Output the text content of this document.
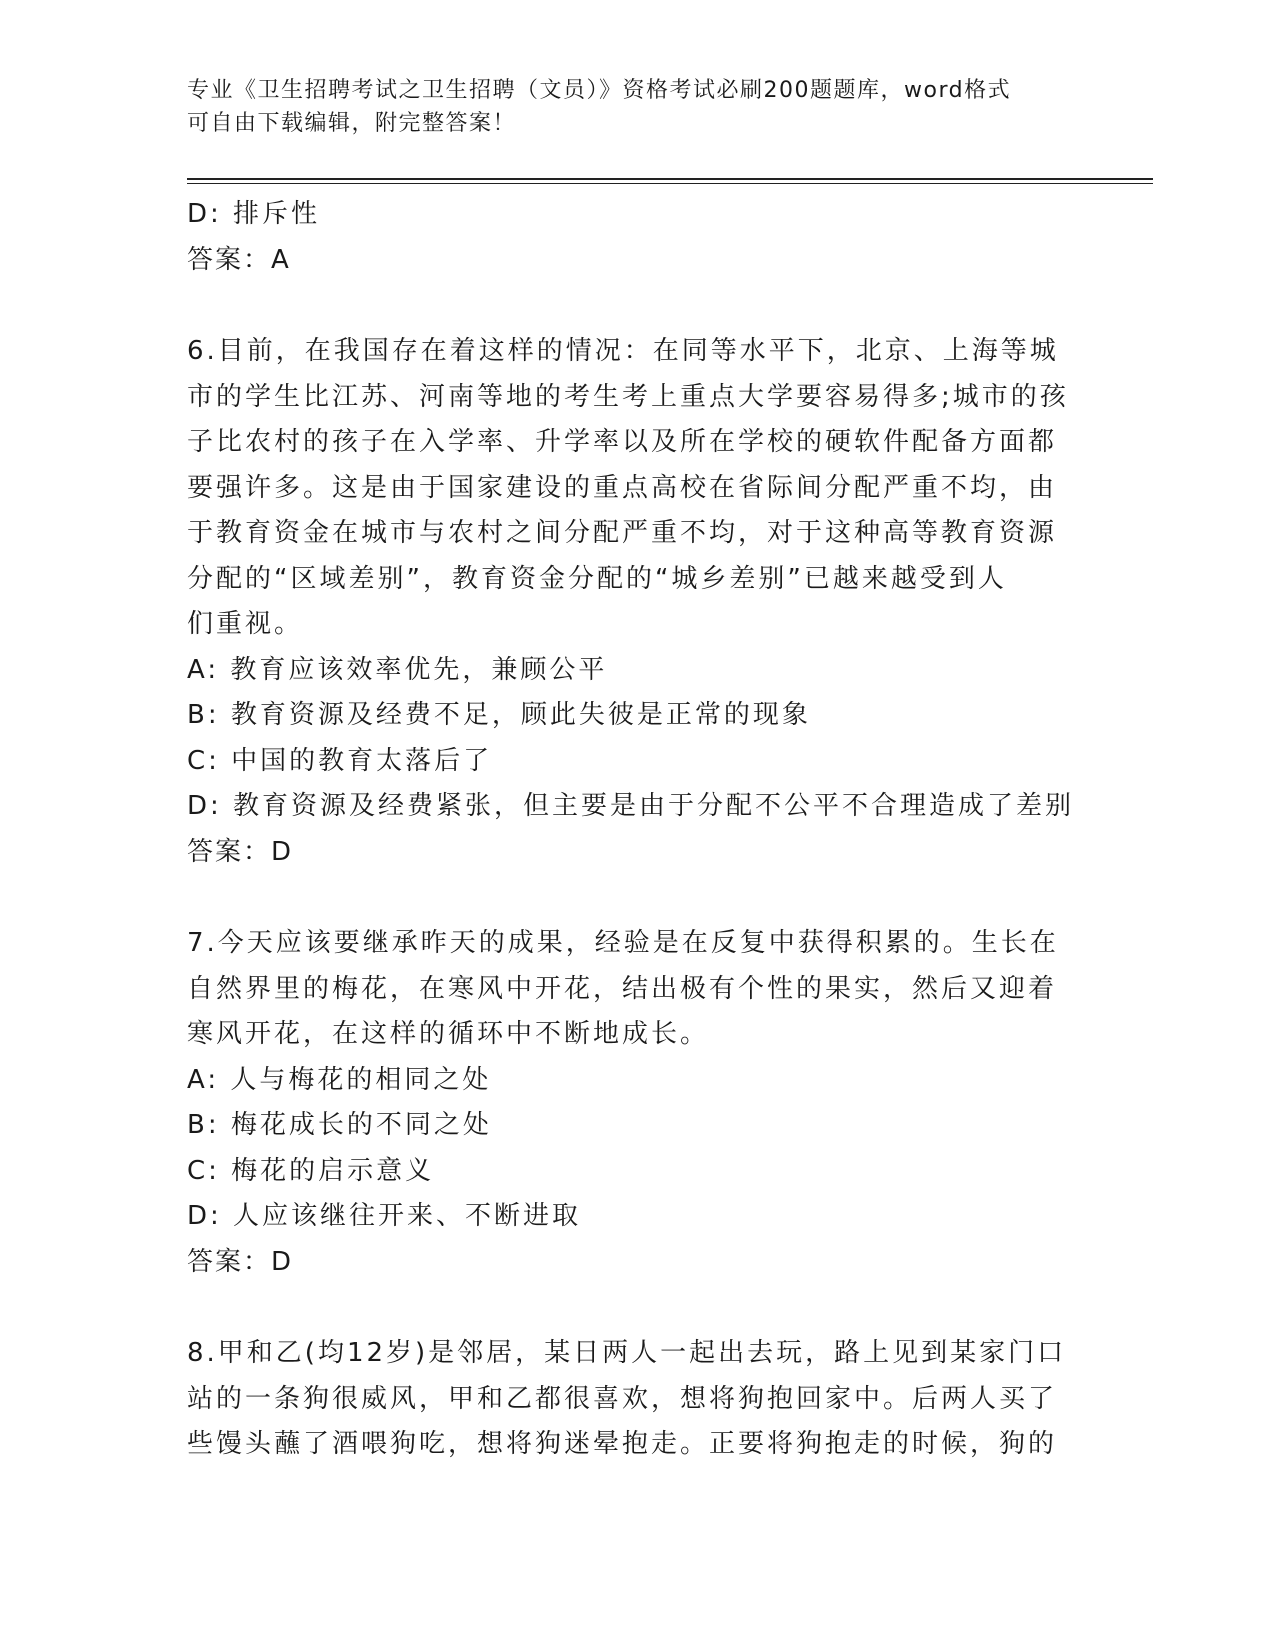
专业《卫生招聘考试之卫生招聘（文员）》资格考试必刷200题题库，word格式
可自由下载编辑，附完整答案！

D: 排斥性

答案：A

6.目前，在我国存在着这样的情况：在同等水平下，北京、上海等城

市的学生比江苏、河南等地的考生考上重点大学要容易得多;城市的孩

子比农村的孩子在入学率、升学率以及所在学校的硬软件配备方面都

要强许多。这是由于国家建设的重点高校在省际间分配严重不均，由

于教育资金在城市与农村之间分配严重不均，对于这种高等教育资源

分配的“区域差别”，教育资金分配的“城乡差别”已越来越受到人

们重视。

A: 教育应该效率优先，兼顾公平

B: 教育资源及经费不足，顾此失彼是正常的现象

C: 中国的教育太落后了

D: 教育资源及经费紧张，但主要是由于分配不公平不合理造成了差别

答案：D

7.今天应该要继承昨天的成果，经验是在反复中获得积累的。生长在

自然界里的梅花，在寒风中开花，结出极有个性的果实，然后又迎着

寒风开花，在这样的循环中不断地成长。

A: 人与梅花的相同之处

B: 梅花成长的不同之处

C: 梅花的启示意义

D: 人应该继往开来、不断进取

答案：D

8.甲和乙(均12岁)是邻居，某日两人一起出去玩，路上见到某家门口

站的一条狗很威风，甲和乙都很喜欢，想将狗抱回家中。后两人买了

些馒头蘸了酒喂狗吃，想将狗迷晕抱走。正要将狗抱走的时候，狗的
